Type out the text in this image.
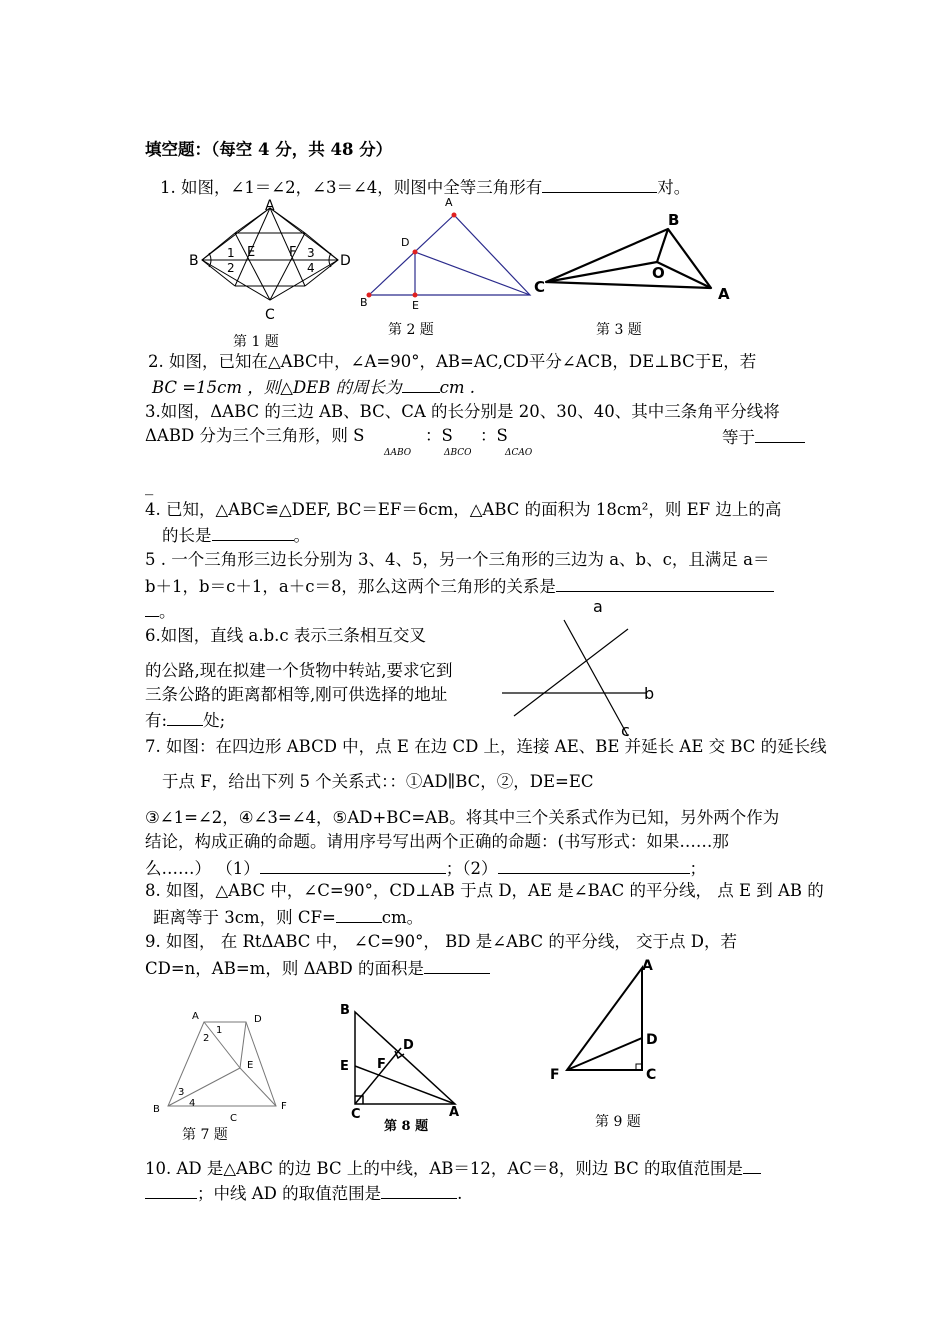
填空题：（每空 4 分，共 48 分）
1. 如图，∠1＝∠2，∠3＝∠4，则图中全等三角形有	对。
A
B	D
C
E	F
1
2
3
4
第 1 题
A
D
B	E
第 2 题
B
C
O
A
第 3 题
2. 如图，已知在△ABC中，∠A=90°，AB=AC,CD平分∠ACB，DE⊥BC于E，若
BC =15cm ，则△DEB 的周长为 cm .
3.如图，ΔABC 的三边 AB、BC、CA 的长分别是 20、30、40、其中三条角平分线将
ΔABD 分为三个三角形，则 S	：S	：S	等于
ΔABO	ΔBCO	ΔCAO
_
4. 已知，△ABC≌△DEF, BC＝EF＝6cm，△ABC 的面积为 18cm²，则 EF 边上的高
的长是	。
5 . 一个三角形三边长分别为 3、4、5，另一个三角形的三边为 a、b、c，且满足 a＝
b＋1，b＝c＋1，a＋c＝8，那么这两个三角形的关系是
。
6.如图，直线 a.b.c 表示三条相互交叉
的公路,现在拟建一个货物中转站,要求它到
三条公路的距离都相等,刚可供选择的地址
有: 处;
a
b
c
7. 如图：在四边形 ABCD 中，点 E 在边 CD 上，连接 AE、BE 并延长 AE 交 BC 的延长线
于点 F，给出下列 5 个关系式：：①AD∥BC，②，DE=EC
③∠1=∠2，④∠3=∠4，⑤AD+BC=AB。将其中三个关系式作为已知，另外两个作为
结论，构成正确的命题。请用序号写出两个正确的命题：(书写形式：如果……那
么……） （1）	；（2）	；
8. 如图，△ABC 中，∠C=90°，CD⊥AB 于点 D，AE 是∠BAC 的平分线， 点 E 到 AB 的
距离等于 3cm，则 CF=	cm。
9. 如图， 在 RtΔABC 中， ∠C=90°， BD 是∠ABC 的平分线， 交于点 D，若
CD=n，AB=m，则 ΔABD 的面积是
A	D
1
2
E
3
4
B
C
F
第 7 题
B
D
E F
C	A
第 8 题
A
D
F	C
第 9 题
10. AD 是△ABC 的边 BC 上的中线，AB＝12，AC＝8，则边 BC 的取值范围是
；中线 AD 的取值范围是	.
